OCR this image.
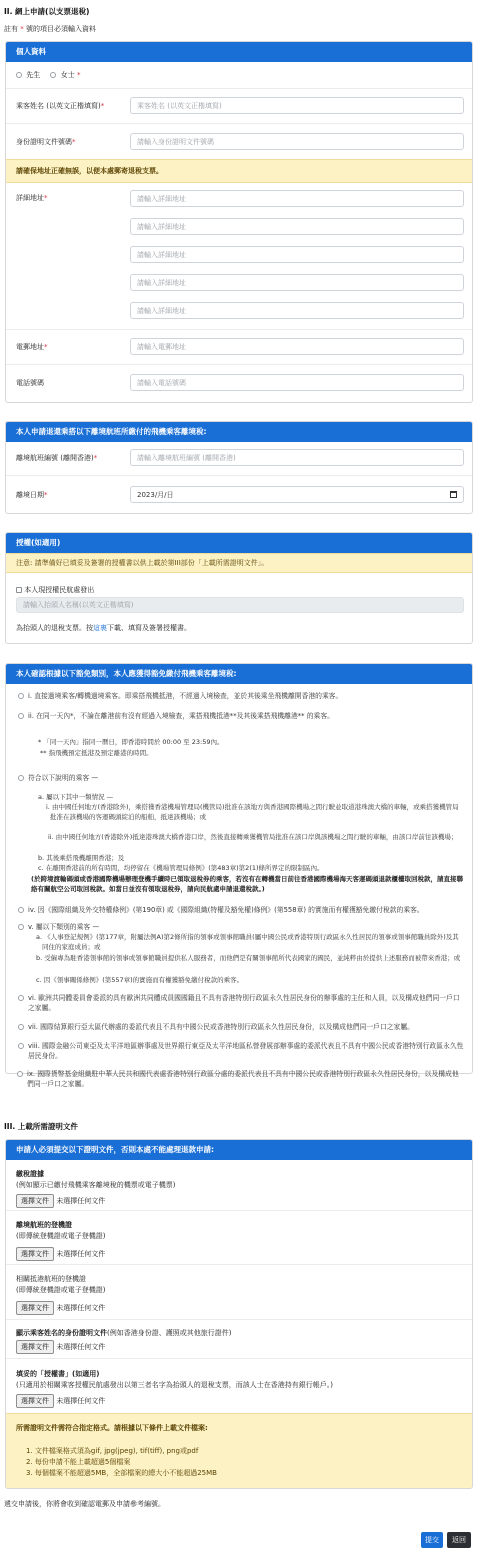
II. 網上申請(以支票退稅)
註有 * 號的項目必須輸入資料
個人資料
先生	女士 *
乘客姓名 (以英文正楷填寫)*	乘客姓名 (以英文正楷填寫)
身份證明文件號碼*	請輸入身份證明文件號碼
請確保地址正確無誤，以便本處郵寄退稅支票。
詳細地址*	請輸入詳細地址
請輸入詳細地址
請輸入詳細地址
請輸入詳細地址
請輸入詳細地址
電郵地址*	請輸入電郵地址
電話號碼	請輸入電話號碼
本人申請退還乘搭以下離境航班所繳付的飛機乘客離境稅:
離境航班編號 (離開香港)*	請輸入離境航班編號 (離開香港)
離境日期*	2023/月/日
授權(如適用)
注意: 請準備好已填妥及簽署的授權書以供上載於第III部份「上載所需證明文件」。
本人現授權民航處發出
請輸入抬頭人名稱(以英文正楷填寫)
為抬頭人的退稅支票。按這裏下載、填寫及簽署授權書。
本人確認根據以下豁免類別，本人應獲得豁免繳付飛機乘客離境稅:
i. 直接過境乘客/轉機過境乘客。即乘搭飛機抵港，不經過入境檢查，並於其後乘坐飛機離開香港的乘客。
ii. 在同一天內*，不論在離港前有沒有經過入境檢查，乘搭飛機抵港**及其後乘搭飛機離港** 的乘客。
* 「同一天內」指同一曆日，即香港時間於 00:00 至 23:59內。
** 指飛機預定抵港及預定離港的時間。
符合以下說明的乘客 —
a. 屬以下其中一類情況 —
i. 由中國任何地方(香港除外)，乘搭獲香港機場管理局(機管局)批准在該地方與香港國際機場之間行駛並取道港珠澳大橋的車輛，或乘搭獲機管局批准在該機場的客運碼頭綻泊的船舶，抵達該機場；或
ii. 由中國任何地方(香港除外)抵達港珠澳大橋香港口岸，然後直接轉乘獲機管局批准在該口岸與該機場之間行駛的車輛，由該口岸前往該機場；
b. 其後乘搭飛機離開香港；及
c. 在離開香港前的所有時間，均停留在《機場管理局條例》(第483章)第2(1)條所界定的限制區內。
(於跨境渡輪碼頭或香港國際機場辦理登機手續時已領取退稅券的乘客，若沒有在轉機當日前往香港國際機場海天客運碼頭退款櫃檯取回稅款，請直接聯絡有關航空公司取回稅款。如當日並沒有領取退稅券，請向民航處申請退還稅款。)
iv. 因《國際組織及外交特權條例》(第190章) 或《國際組織(特權及豁免權)條例》(第558章) 的實施而有權獲豁免繳付稅款的乘客。
v. 屬以下類別的乘客 —
a. 《人事登記規例》(第177章，附屬法例A)第2條所指的領事或領事館職員(屬中國公民或香港特別行政區永久性居民的領事或領事館職員除外)及其同住的家庭成員；或
b. 受僱專為駐香港領事館的領事或領事館職員提供私人服務者，而他們是有關領事館所代表國家的國民，並純粹由於提供上述服務而被帶來香港；或
c. 因《領事關係條例》(第557章)的實施而有權獲豁免繳付稅款的乘客。
vi. 歐洲共同體委員會委派的具有歐洲共同體成員國國籍且不具有香港特別行政區永久性居民身份的辦事處的主任和人員，以及構成他們同一戶口之家屬。
vii. 國際結算銀行亞太區代辦處的委派代表且不具有中國公民或香港特別行政區永久性居民身份，以及構成他們同一戶口之家屬。
viii. 國際金融公司東亞及太平洋地區辦事處及世界銀行東亞及太平洋地區私營發展部辦事處的委派代表且不具有中國公民或香港特別行政區永久性居民身份。
ix. 國際貨幣基金組織駐中華人民共和國代表處香港特別行政區分處的委派代表且不具有中國公民或香港特別行政區永久性居民身份，以及構成他們同一戶口之家屬。
III. 上載所需證明文件
申請人必須提交以下證明文件，否則本處不能處理退款申請:
繳稅證據
(例如顯示已繳付飛機乘客離境稅的機票或電子機票)
選擇文件 未選擇任何文件
離境航班的登機證
(即傳統登機證或電子登機證)
選擇文件 未選擇任何文件
相關抵港航班的登機證
(即傳統登機證或電子登機證)
選擇文件 未選擇任何文件
顯示乘客姓名的身份證明文件(例如香港身份證、護照或其他旅行證件)
選擇文件 未選擇任何文件
填妥的「授權書」(如適用)
(只適用於相關乘客授權民航處發出以第三者名字為抬頭人的退稅支票，而該人士在香港持有銀行帳戶。)
選擇文件 未選擇任何文件
所需證明文件需符合指定格式。請根據以下條件上載文件檔案:
1. 文件檔案格式須為gif, jpg(jpeg), tif(tiff), png或pdf
2. 每份申請不能上載超過5個檔案
3. 每個檔案不能超過5MB，全部檔案的總大小不能超過25MB
遞交申請後，你將會收到確認電郵及申請參考編號。
提交	返回
